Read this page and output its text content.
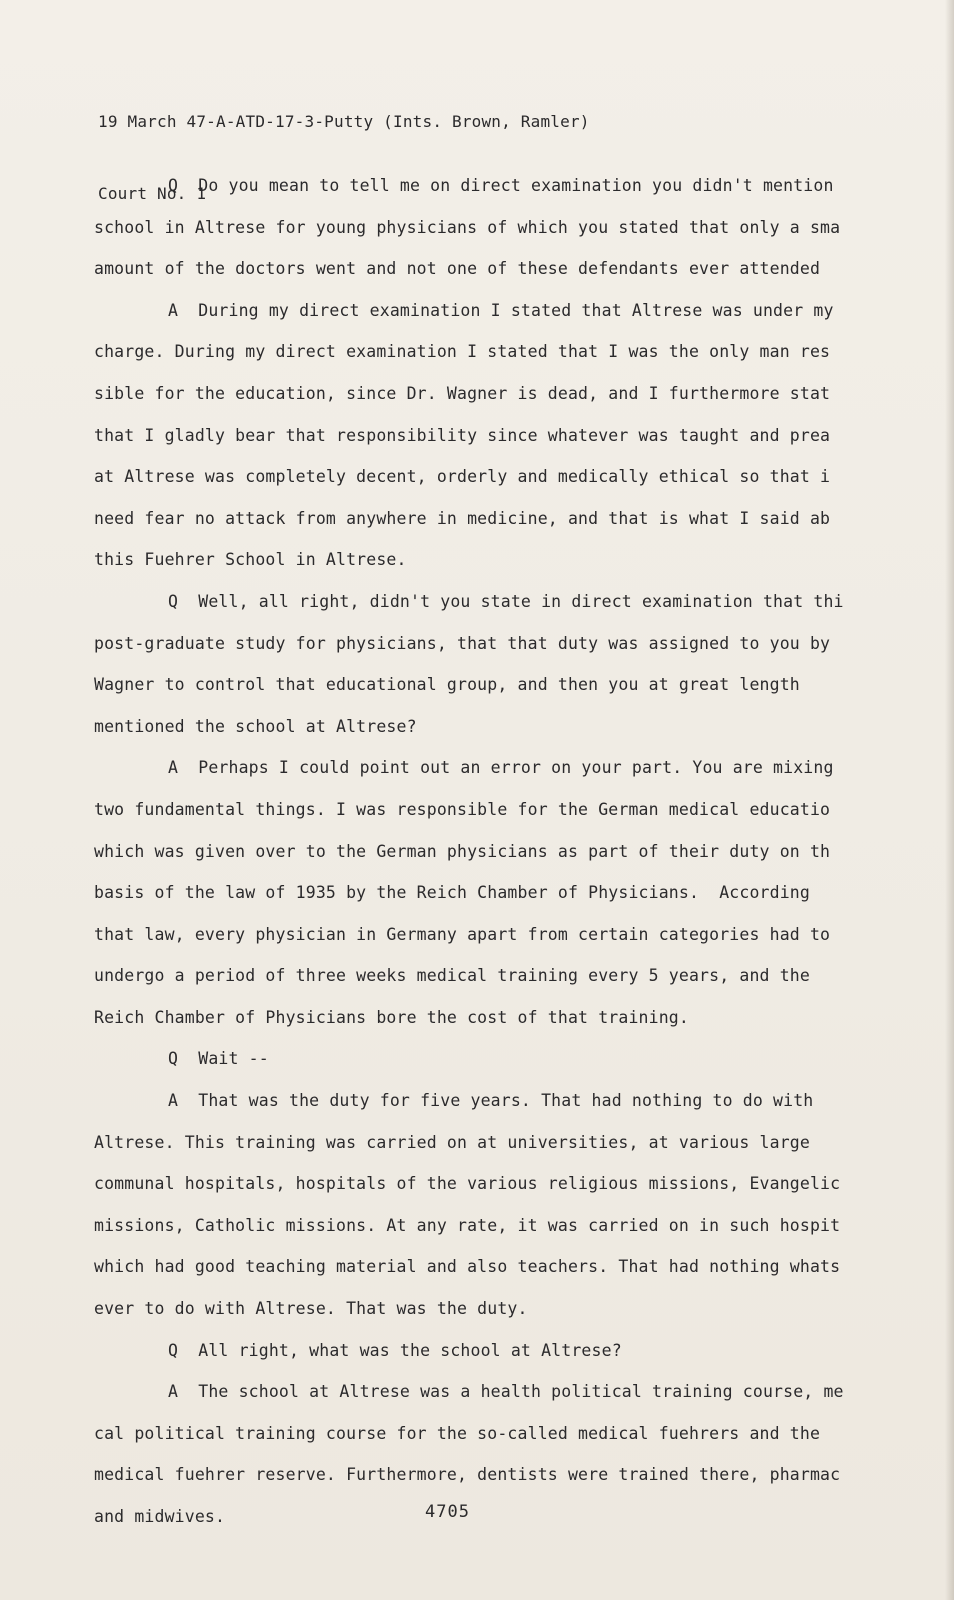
19 March 47-A-ATD-17-3-Putty (Ints. Brown, Ramler)

Court No. 1

Q  Do you mean to tell me on direct examination you didn't mention
school in Altrese for young physicians of which you stated that only a sma
amount of the doctors went and not one of these defendants ever attended
A  During my direct examination I stated that Altrese was under my
charge. During my direct examination I stated that I was the only man res
sible for the education, since Dr. Wagner is dead, and I furthermore stat
that I gladly bear that responsibility since whatever was taught and prea
at Altrese was completely decent, orderly and medically ethical so that i
need fear no attack from anywhere in medicine, and that is what I said ab
this Fuehrer School in Altrese.
Q  Well, all right, didn't you state in direct examination that thi
post-graduate study for physicians, that that duty was assigned to you by
Wagner to control that educational group, and then you at great length
mentioned the school at Altrese?
A  Perhaps I could point out an error on your part. You are mixing
two fundamental things. I was responsible for the German medical educatio
which was given over to the German physicians as part of their duty on th
basis of the law of 1935 by the Reich Chamber of Physicians.  According
that law, every physician in Germany apart from certain categories had to
undergo a period of three weeks medical training every 5 years, and the
Reich Chamber of Physicians bore the cost of that training.
Q  Wait --
A  That was the duty for five years. That had nothing to do with
Altrese. This training was carried on at universities, at various large
communal hospitals, hospitals of the various religious missions, Evangelic
missions, Catholic missions. At any rate, it was carried on in such hospit
which had good teaching material and also teachers. That had nothing whats
ever to do with Altrese. That was the duty.
Q  All right, what was the school at Altrese?
A  The school at Altrese was a health political training course, me
cal political training course for the so-called medical fuehrers and the
medical fuehrer reserve. Furthermore, dentists were trained there, pharmac
and midwives.	4705
